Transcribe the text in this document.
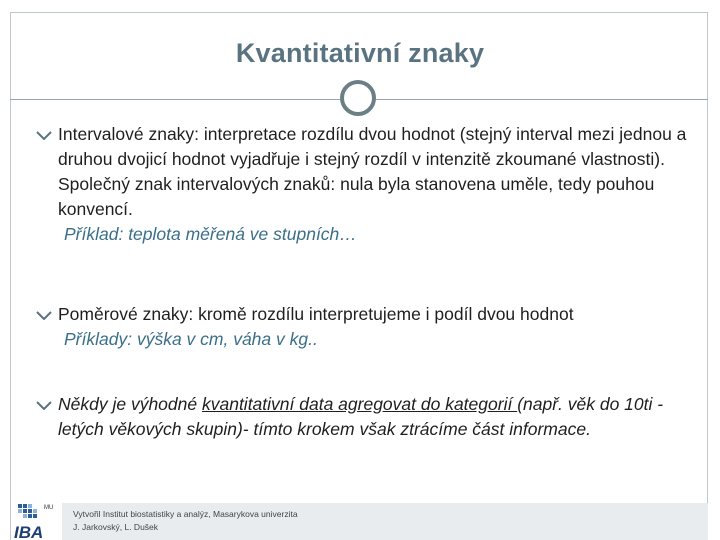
Kvantitativní znaky
Intervalové znaky: interpretace rozdílu dvou hodnot (stejný interval mezi jednou a druhou dvojicí hodnot vyjadřuje i stejný rozdíl v intenzitě zkoumané vlastnosti). Společný znak intervalových znaků: nula byla stanovena uměle, tedy pouhou konvencí.
Příklad: teplota měřená ve stupních…
Poměrové znaky: kromě rozdílu interpretujeme i podíl dvou hodnot
Příklady: výška v cm, váha v kg..
Někdy je výhodné kvantitativní data agregovat do kategorií (např. věk do 10ti -letých věkových skupin)- tímto krokem však ztrácíme část informace.
Vytvořil Institut biostatistiky a analýz, Masarykova univerzita
J. Jarkovský, L. Dušek
MU
IBA
